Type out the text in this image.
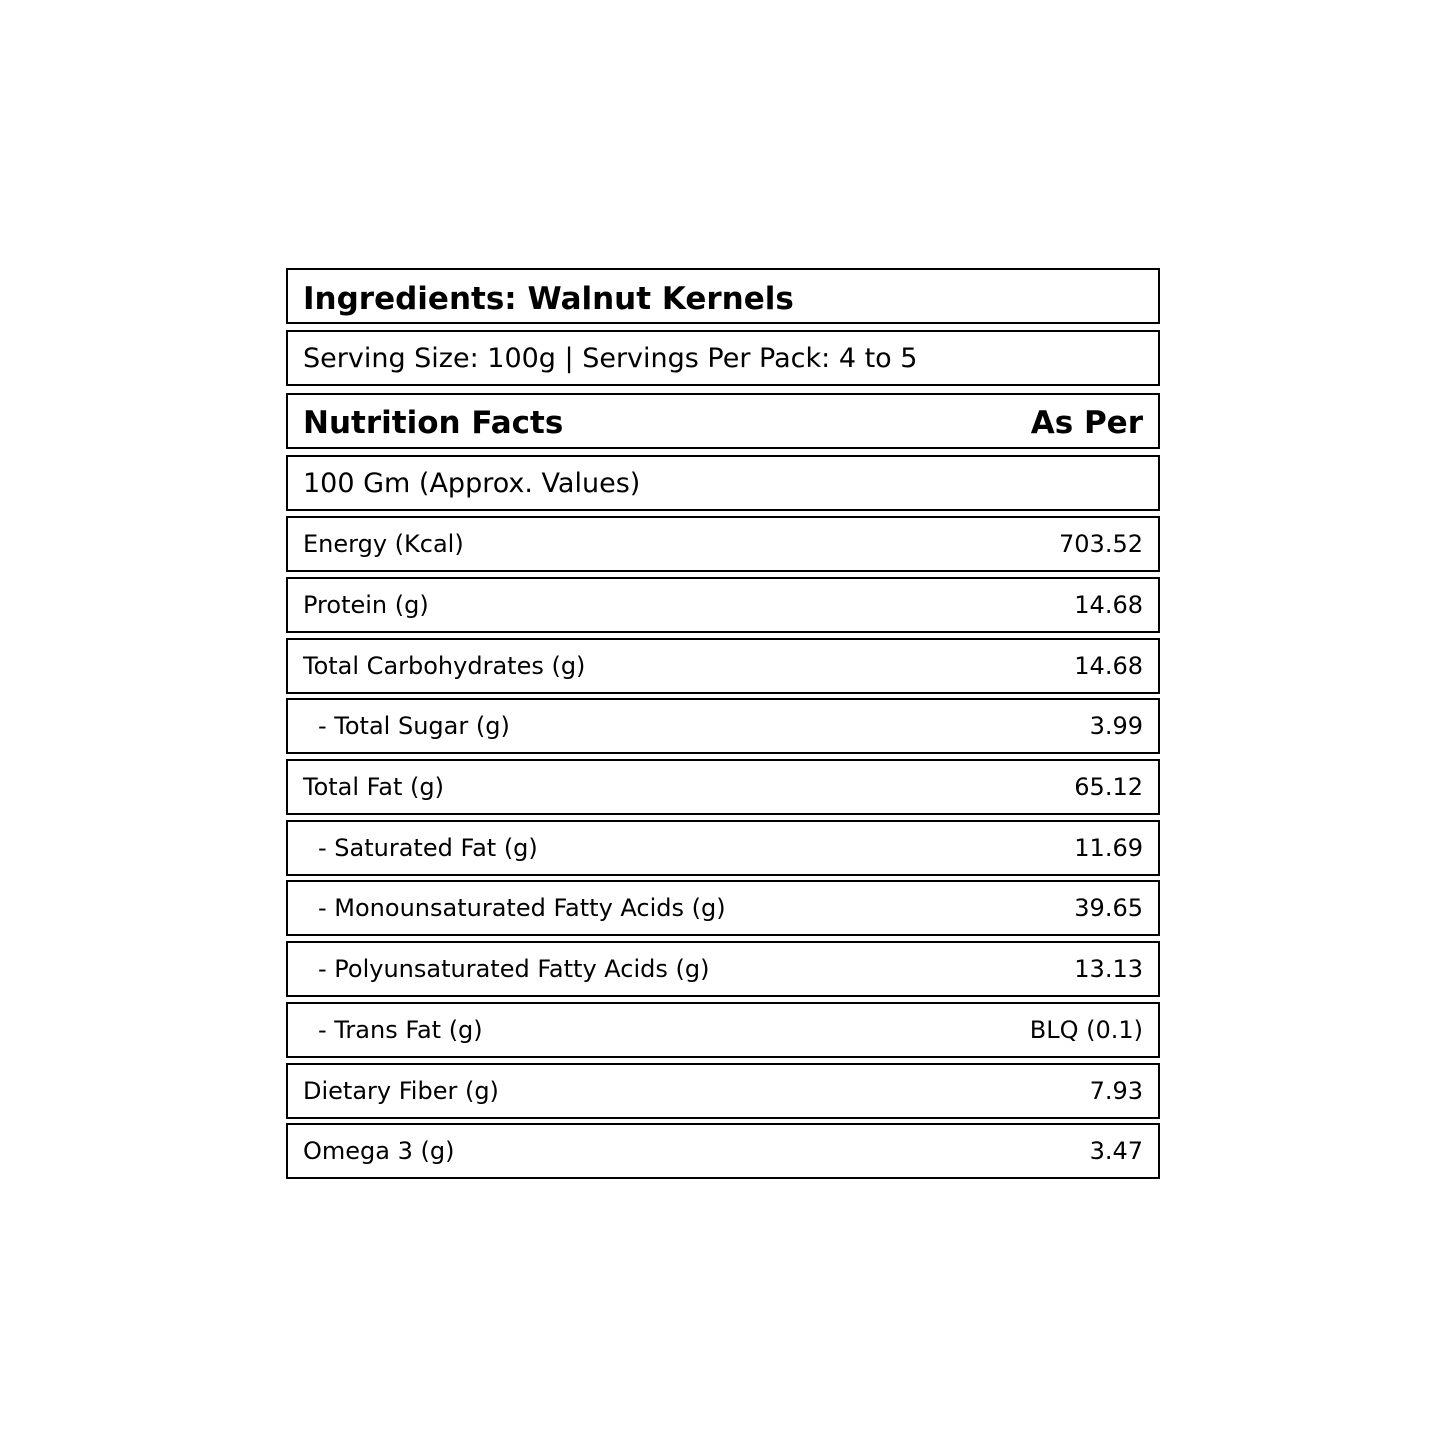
Ingredients: Walnut Kernels
Serving Size: 100g | Servings Per Pack: 4 to 5
Nutrition Facts	As Per
100 Gm (Approx. Values)
Energy (Kcal)	703.52
Protein (g)	14.68
Total Carbohydrates (g)	14.68
- Total Sugar (g)	3.99
Total Fat (g)	65.12
- Saturated Fat (g)	11.69
- Monounsaturated Fatty Acids (g)	39.65
- Polyunsaturated Fatty Acids (g)	13.13
- Trans Fat (g)	BLQ (0.1)
Dietary Fiber (g)	7.93
Omega 3 (g)	3.47
